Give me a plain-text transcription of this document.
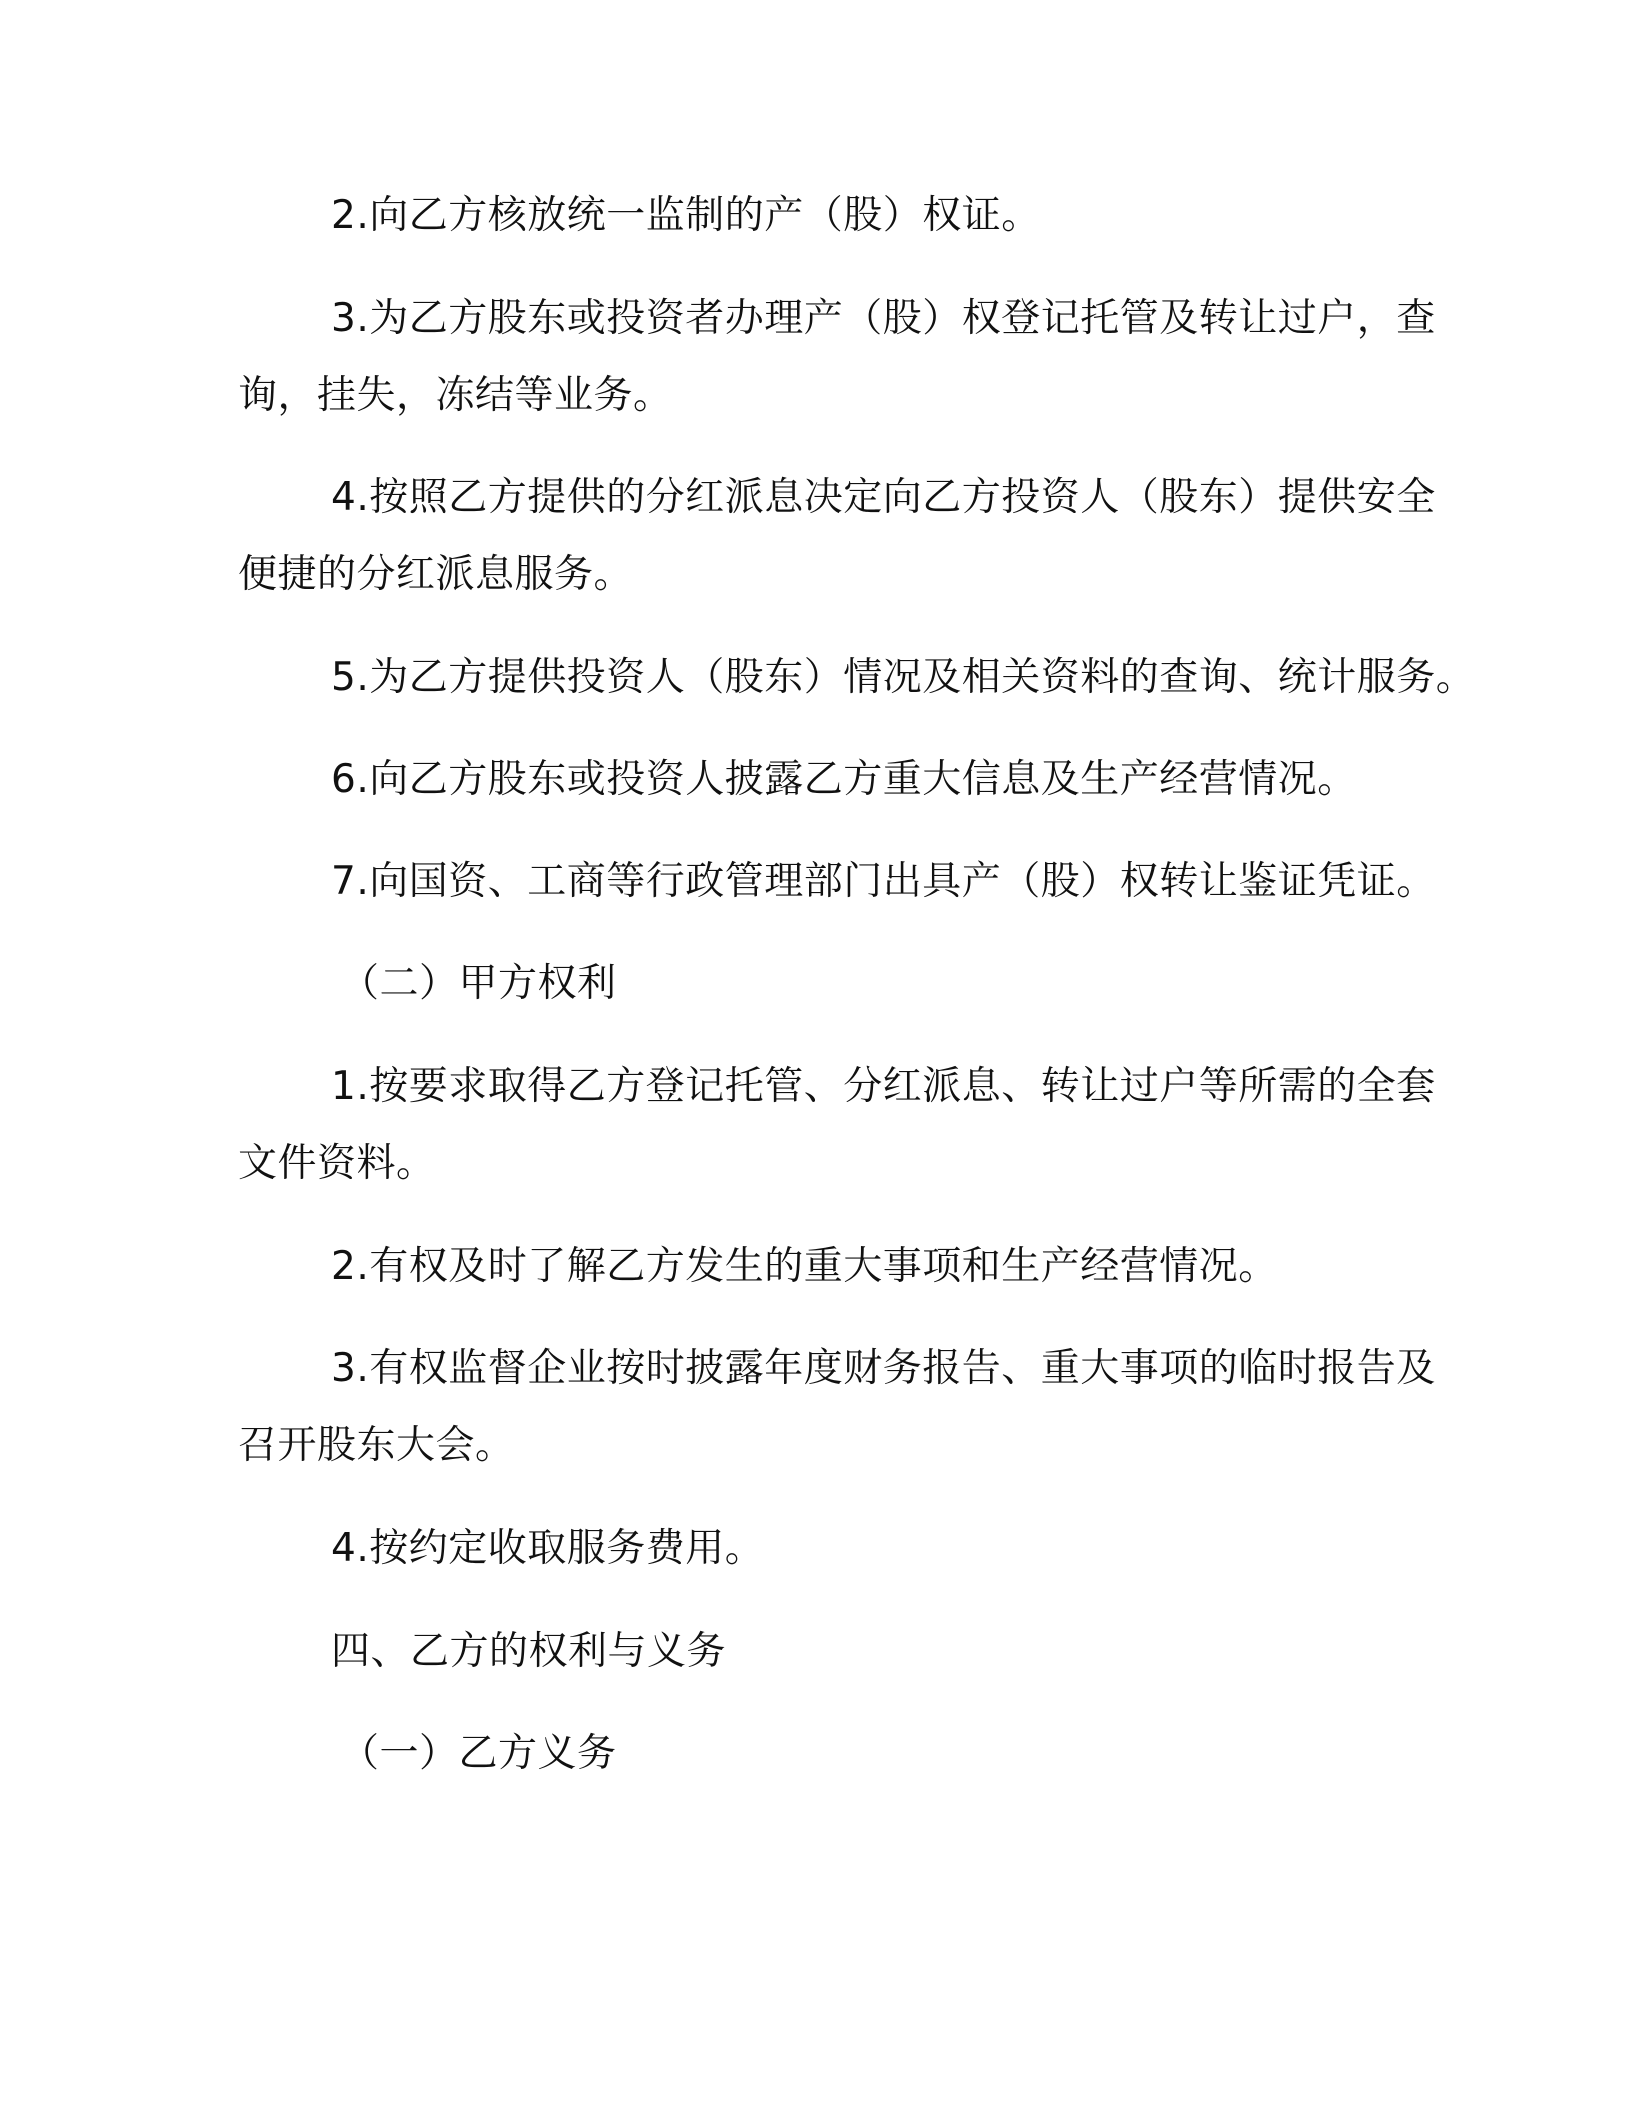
2.向乙方核放统一监制的产（股）权证。
3.为乙方股东或投资者办理产（股）权登记托管及转让过户，查
询，挂失，冻结等业务。
4.按照乙方提供的分红派息决定向乙方投资人（股东）提供安全
便捷的分红派息服务。
5.为乙方提供投资人（股东）情况及相关资料的查询、统计服务。
6.向乙方股东或投资人披露乙方重大信息及生产经营情况。
7.向国资、工商等行政管理部门出具产（股）权转让鉴证凭证。
（二）甲方权利
1.按要求取得乙方登记托管、分红派息、转让过户等所需的全套
文件资料。
2.有权及时了解乙方发生的重大事项和生产经营情况。
3.有权监督企业按时披露年度财务报告、重大事项的临时报告及
召开股东大会。
4.按约定收取服务费用。
四、乙方的权利与义务
（一）乙方义务
